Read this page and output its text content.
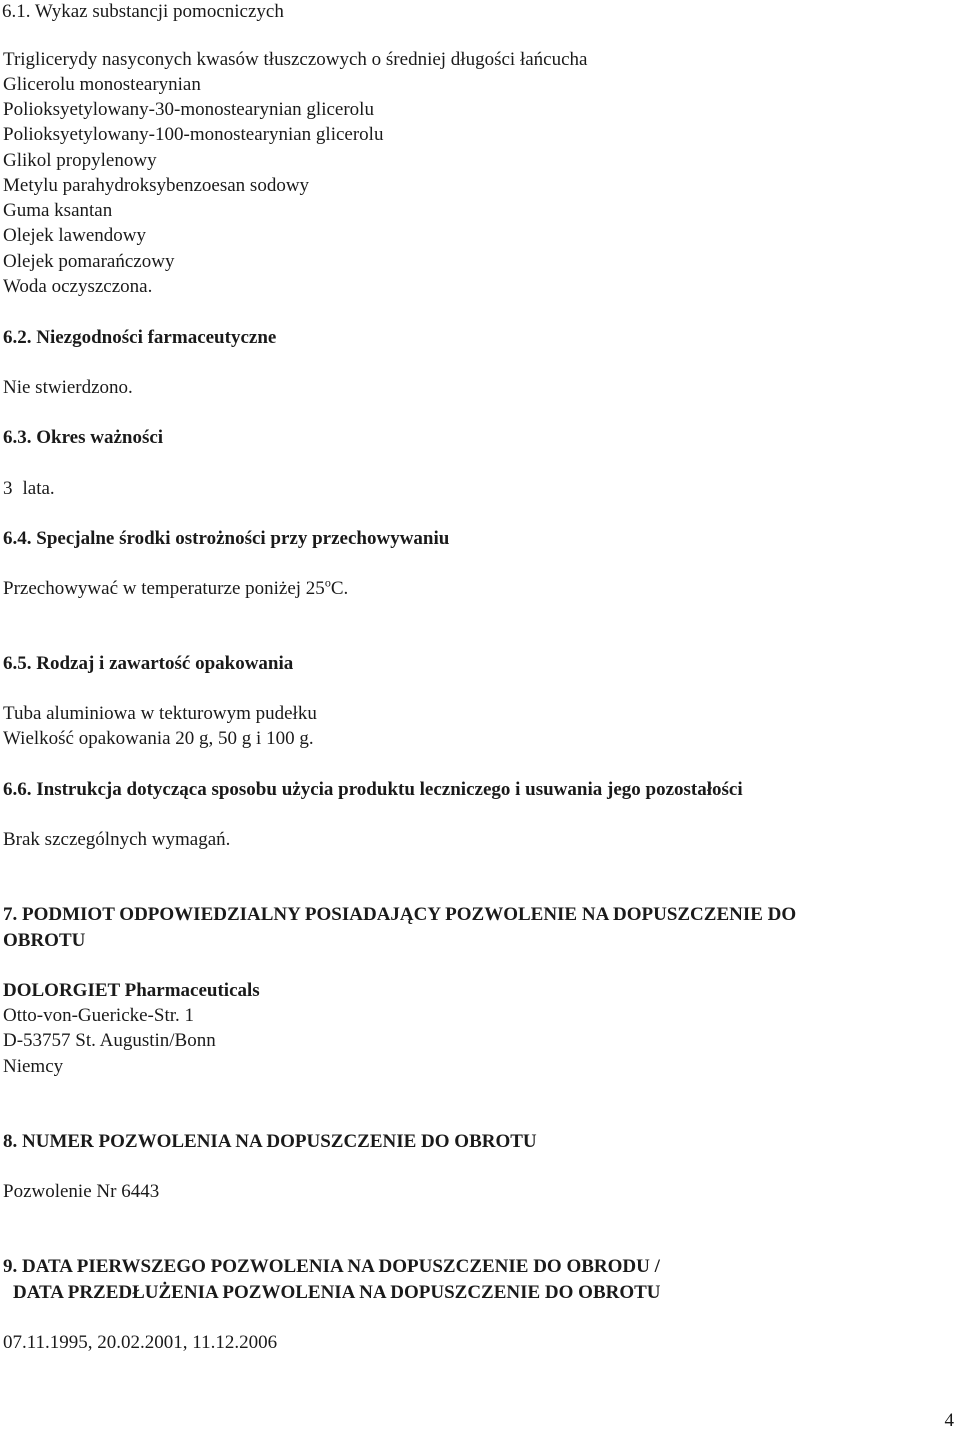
6.1. Wykaz substancji pomocniczych
Triglicerydy nasyconych kwasów tłuszczowych o średniej długości łańcucha
Glicerolu monostearynian
Polioksyetylowany-30-monostearynian glicerolu
Polioksyetylowany-100-monostearynian glicerolu
Glikol propylenowy
Metylu parahydroksybenzoesan sodowy
Guma ksantan
Olejek lawendowy
Olejek pomarańczowy
Woda oczyszczona.
6.2. Niezgodności farmaceutyczne
Nie stwierdzono.
6.3. Okres ważności
3 lata.
6.4. Specjalne środki ostrożności przy przechowywaniu
Przechowywać w temperaturze poniżej 25$^o$C.
6.5. Rodzaj i zawartość opakowania
Tuba aluminiowa w tekturowym pudełku
Wielkość opakowania 20 g, 50 g i 100 g.
6.6. Instrukcja dotycząca sposobu użycia produktu leczniczego i usuwania jego pozostałości
Brak szczególnych wymagań.
7. PODMIOT ODPOWIEDZIALNY POSIADAJĄCY POZWOLENIE NA DOPUSZCZENIE DO
OBROTU
DOLORGIET Pharmaceuticals
Otto-von-Guericke-Str. 1
D-53757 St. Augustin/Bonn
Niemcy
8. NUMER POZWOLENIA NA DOPUSZCZENIE DO OBROTU
Pozwolenie Nr 6443
9. DATA PIERWSZEGO POZWOLENIA NA DOPUSZCZENIE DO OBRODU /
DATA PRZEDŁUŻENIA POZWOLENIA NA DOPUSZCZENIE DO OBROTU
07.11.1995, 20.02.2001, 11.12.2006
4
